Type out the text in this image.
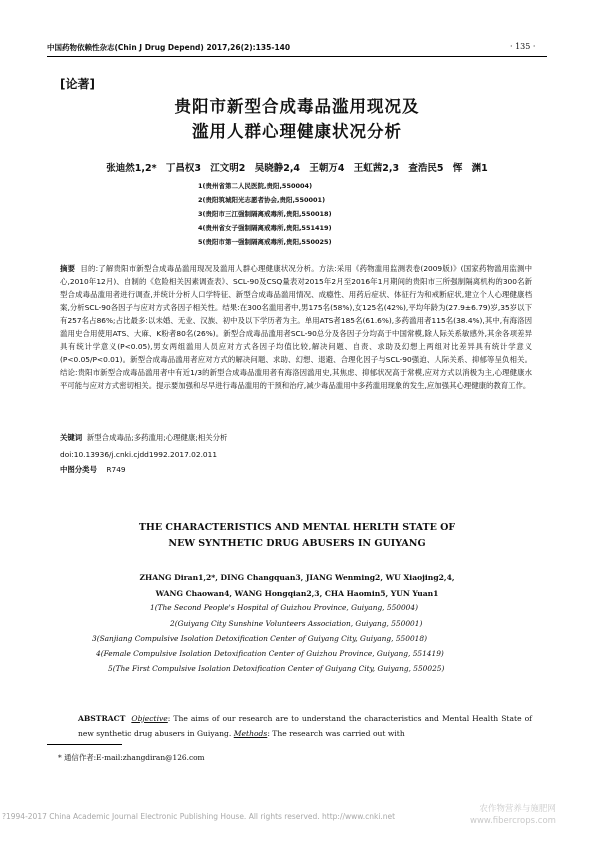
中国药物依赖性杂志(Chin J Drug Depend) 2017,26(2):135-140	· 135 ·
[论著]
贵阳市新型合成毒品滥用现况及
滥用人群心理健康状况分析
张迪然1,2* 丁昌权3 江文明2 吴晓静2,4 王朝万4 王虹茜2,3 查浩民5 恽 渊1
1(贵州省第二人民医院,贵阳,550004)
2(贵阳筑城阳光志愿者协会,贵阳,550001)
3(贵阳市三江强制隔离戒毒所,贵阳,550018)
4(贵州省女子强制隔离戒毒所,贵阳,551419)
5(贵阳市第一强制隔离戒毒所,贵阳,550025)
摘要 目的:了解贵阳市新型合成毒品滥用现况及滥用人群心理健康状况分析。方法:采用《药物滥用监测表卷(2009版)》(国家药物滥用监测中心,2010年12月)、自制的《危险相关因素调查表》、SCL-90及CSQ量表对2015年2月至2016年1月期间的贵阳市三所强制隔离机构的300名新型合成毒品滥用者进行调查,并统计分析人口学特征、新型合成毒品滥用情况、成瘾性、用药后症状、体征行为和戒断症状,建立个人心理健康档案,分析SCL-90各因子与应对方式各因子相关性。结果:在300名滥用者中,男175名(58%),女125名(42%),平均年龄为(27.9±6.79)岁,35岁以下有257名占86%;占比最多:以未婚、无业、汉族、初中及以下学历者为主。单用ATS者185名(61.6%),多药滥用者115名(38.4%),其中,有海洛因滥用史合用使用ATS、大麻、K粉者80名(26%)。新型合成毒品滥用者SCL-90总分及各因子分均高于中国常模,除人际关系敏感外,其余各项差异具有统计学意义(P<0.05),男女两组滥用人员应对方式各因子均值比较,解决问题、自责、求助及幻想上两组对比差异具有统计学意义(P<0.05/P<0.01)。新型合成毒品滥用者应对方式的解决问题、求助、幻想、退避、合理化因子与SCL-90强迫、人际关系、抑郁等呈负相关。结论:贵阳市新型合成毒品滥用者中有近1/3的新型合成毒品滥用者有海洛因滥用史,其焦虑、抑郁状况高于常模,应对方式以消极为主,心理健康水平可能与应对方式密切相关。提示要加强和尽早进行毒品滥用的干预和治疗,减少毒品滥用中多药滥用现象的发生,应加强其心理健康的教育工作。
关键词 新型合成毒品;多药滥用;心理健康;相关分析
doi:10.13936/j.cnki.cjdd1992.2017.02.011
中图分类号 R749
THE CHARACTERISTICS AND MENTAL HERLTH STATE OF
NEW SYNTHETIC DRUG ABUSERS IN GUIYANG
ZHANG Diran1,2*, DING Changquan3, JIANG Wenming2, WU Xiaojing2,4,
WANG Chaowan4, WANG Hongqian2,3, CHA Haomin5, YUN Yuan1
1(The Second People's Hospital of Guizhou Province, Guiyang, 550004)
2(Guiyang City Sunshine Volunteers Association, Guiyang, 550001)
3(Sanjiang Compulsive Isolation Detoxification Center of Guiyang City, Guiyang, 550018)
4(Female Compulsive Isolation Detoxification Center of Guizhou Province, Guiyang, 551419)
5(The First Compulsive Isolation Detoxification Center of Guiyang City, Guiyang, 550025)
ABSTRACT Objective: The aims of our research are to understand the characteristics and Mental Health State of new synthetic drug abusers in Guiyang. Methods: The research was carried out with
* 通信作者:E-mail:zhangdiran@126.com
?1994-2017 China Academic Journal Electronic Publishing House. All rights reserved. http://www.cnki.net
农作物营养与施肥网
www.fibercrops.com
